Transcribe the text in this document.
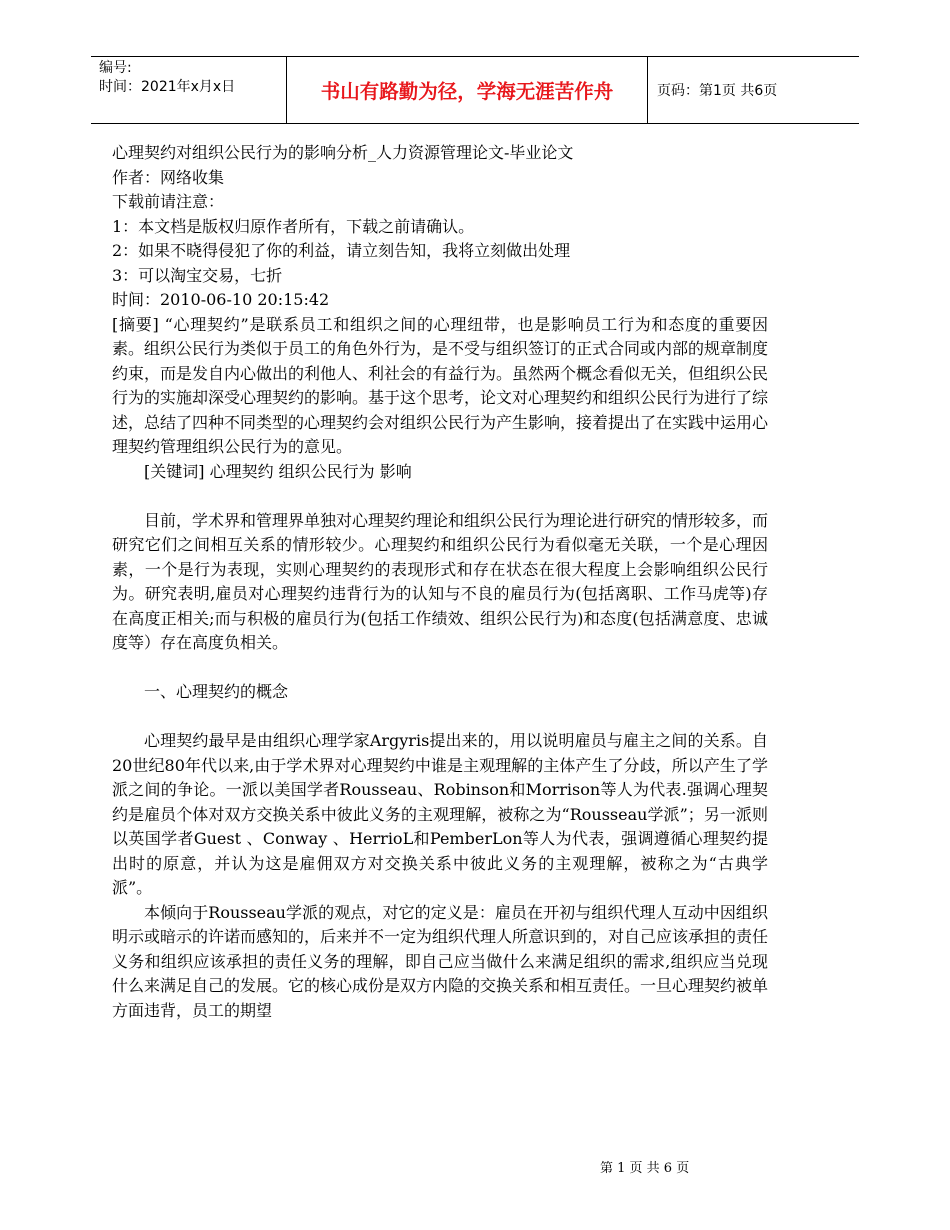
编号:
时间：2021年x月x日	书山有路勤为径，学海无涯苦作舟	页码：第1页 共6页

心理契约对组织公民行为的影响分析_人力资源管理论文-毕业论文

作者：网络收集

下载前请注意：

1：本文档是版权归原作者所有，下载之前请确认。

2：如果不晓得侵犯了你的利益，请立刻告知，我将立刻做出处理

3：可以淘宝交易，七折

时间：2010-06-10 20:15:42

[摘要] “心理契约”是联系员工和组织之间的心理纽带，也是影响员工行为和态度的重要因素。组织公民行为类似于员工的角色外行为，是不受与组织签订的正式合同或内部的规章制度约束，而是发自内心做出的利他人、利社会的有益行为。虽然两个概念看似无关，但组织公民行为的实施却深受心理契约的影响。基于这个思考，论文对心理契约和组织公民行为进行了综述，总结了四种不同类型的心理契约会对组织公民行为产生影响，接着提出了在实践中运用心理契约管理组织公民行为的意见。

[关键词] 心理契约 组织公民行为 影响

目前，学术界和管理界单独对心理契约理论和组织公民行为理论进行研究的情形较多，而研究它们之间相互关系的情形较少。心理契约和组织公民行为看似毫无关联，一个是心理因素，一个是行为表现，实则心理契约的表现形式和存在状态在很大程度上会影响组织公民行为。研究表明,雇员对心理契约违背行为的认知与不良的雇员行为(包括离职、工作马虎等)存在高度正相关;而与积极的雇员行为(包括工作绩效、组织公民行为)和态度(包括满意度、忠诚度等）存在高度负相关。

一、心理契约的概念

心理契约最早是由组织心理学家Argyris提出来的，用以说明雇员与雇主之间的关系。自20世纪80年代以来,由于学术界对心理契约中谁是主观理解的主体产生了分歧，所以产生了学派之间的争论。一派以美国学者Rousseau、Robinson和Morrison等人为代表.强调心理契约是雇员个体对双方交换关系中彼此义务的主观理解，被称之为“Rousseau学派”；另一派则以英国学者Guest 、Conway 、HerrioL和PemberLon等人为代表，强调遵循心理契约提出时的原意，并认为这是雇佣双方对交换关系中彼此义务的主观理解，被称之为“古典学派”。

本倾向于Rousseau学派的观点，对它的定义是：雇员在开初与组织代理人互动中因组织明示或暗示的许诺而感知的，后来并不一定为组织代理人所意识到的，对自己应该承担的责任义务和组织应该承担的责任义务的理解，即自己应当做什么来满足组织的需求,组织应当兑现什么来满足自己的发展。它的核心成份是双方内隐的交换关系和相互责任。一旦心理契约被单方面违背，员工的期望

第 1 页 共 6 页
